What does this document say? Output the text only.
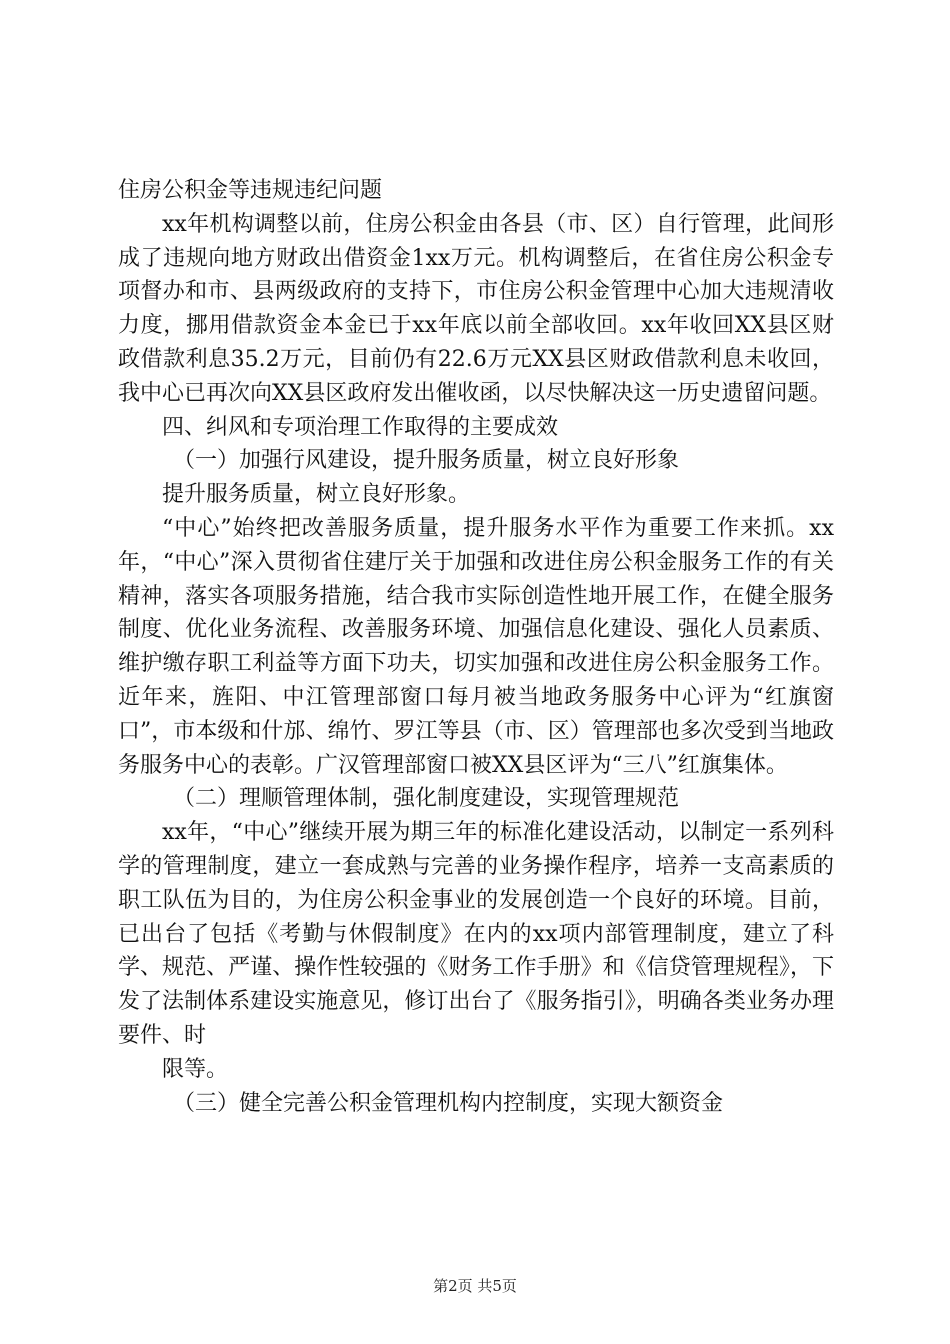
住房公积金等违规违纪问题

xx年机构调整以前，住房公积金由各县（市、区）自行管理，此间形成了违规向地方财政出借资金1xx万元。机构调整后，在省住房公积金专项督办和市、县两级政府的支持下，市住房公积金管理中心加大违规清收力度，挪用借款资金本金已于xx年底以前全部收回。xx年收回XX县区财政借款利息35.2万元，目前仍有22.6万元XX县区财政借款利息未收回，我中心已再次向XX县区政府发出催收函，以尽快解决这一历史遗留问题。

四、纠风和专项治理工作取得的主要成效

（一）加强行风建设，提升服务质量，树立良好形象

提升服务质量，树立良好形象。

“中心”始终把改善服务质量，提升服务水平作为重要工作来抓。xx年，“中心”深入贯彻省住建厅关于加强和改进住房公积金服务工作的有关精神，落实各项服务措施，结合我市实际创造性地开展工作，在健全服务制度、优化业务流程、改善服务环境、加强信息化建设、强化人员素质、维护缴存职工利益等方面下功夫，切实加强和改进住房公积金服务工作。近年来，旌阳、中江管理部窗口每月被当地政务服务中心评为“红旗窗口”，市本级和什邡、绵竹、罗江等县（市、区）管理部也多次受到当地政务服务中心的表彰。广汉管理部窗口被XX县区评为“三八”红旗集体。

（二）理顺管理体制，强化制度建设，实现管理规范

xx年，“中心”继续开展为期三年的标准化建设活动，以制定一系列科学的管理制度，建立一套成熟与完善的业务操作程序，培养一支高素质的职工队伍为目的，为住房公积金事业的发展创造一个良好的环境。目前，已出台了包括《考勤与休假制度》在内的xx项内部管理制度，建立了科学、规范、严谨、操作性较强的《财务工作手册》和《信贷管理规程》，下发了法制体系建设实施意见，修订出台了《服务指引》，明确各类业务办理要件、时

限等。

（三）健全完善公积金管理机构内控制度，实现大额资金

第2页 共5页
